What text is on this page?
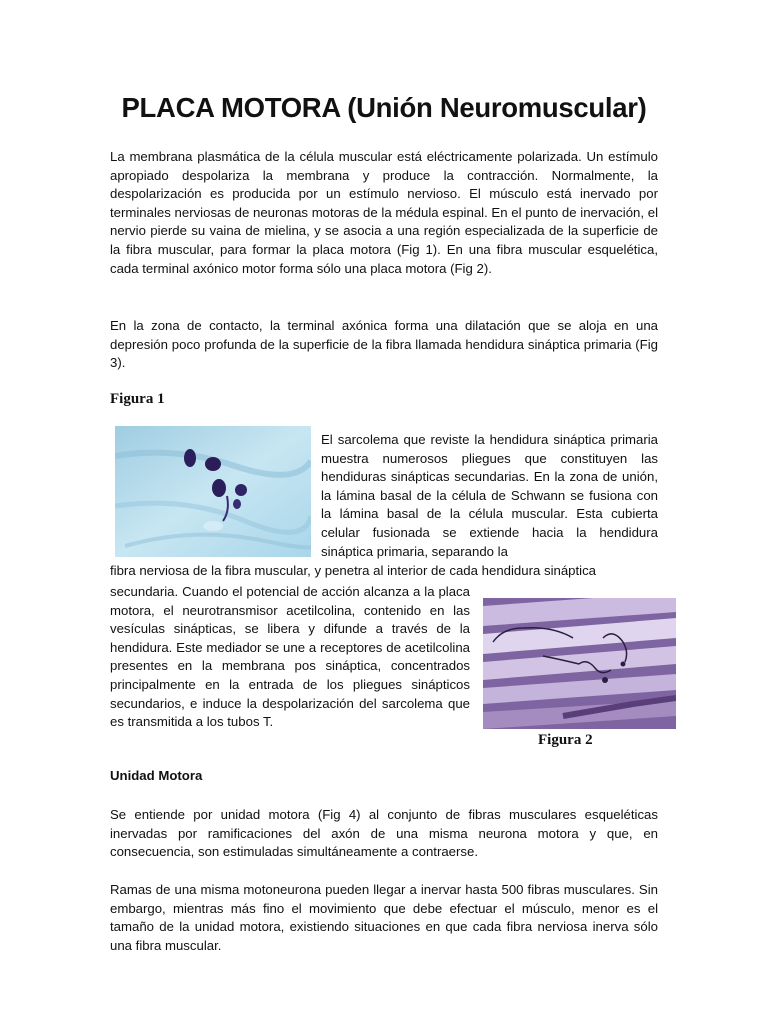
PLACA MOTORA (Unión Neuromuscular)

La membrana plasmática de la célula muscular está eléctricamente polarizada. Un estímulo apropiado despolariza la membrana y produce la contracción. Normalmente, la despolarización es producida por un estímulo nervioso. El músculo está inervado por terminales nerviosas de neuronas motoras de la médula espinal. En el punto de inervación, el nervio pierde su vaina de mielina, y se asocia a una región especializada de la superficie de la fibra muscular, para formar la placa motora (Fig 1). En una fibra muscular esquelética, cada terminal axónico motor forma sólo una placa motora (Fig 2).

En la zona de contacto, la terminal axónica forma una dilatación que se aloja en una depresión poco profunda de la superficie de la fibra llamada hendidura sináptica primaria (Fig 3).

Figura 1

El sarcolema que reviste la hendidura sináptica primaria muestra numerosos pliegues que constituyen las hendiduras sinápticas secundarias. En la zona de unión, la lámina basal de la célula de Schwann se fusiona con la lámina basal de la célula muscular. Esta cubierta celular fusionada se extiende hacia la hendidura sináptica primaria, separando la

fibra nerviosa de la fibra muscular, y penetra al interior de cada hendidura sináptica

secundaria. Cuando el potencial de acción alcanza a la placa motora, el neurotransmisor acetilcolina, contenido en las vesículas sinápticas, se libera y difunde a través de la hendidura. Este mediador se une a receptores de acetilcolina presentes en la membrana pos sináptica, concentrados principalmente en la entrada de los pliegues sinápticos secundarios, e induce la despolarización del sarcolema que es transmitida a los tubos T.

Figura 2
Unidad Motora

Se entiende por unidad motora (Fig 4) al conjunto de fibras musculares esqueléticas inervadas por ramificaciones del axón de una misma neurona motora y que, en consecuencia, son estimuladas simultáneamente a contraerse.

Ramas de una misma motoneurona pueden llegar a inervar hasta 500 fibras musculares. Sin embargo, mientras más fino el movimiento que debe efectuar el músculo, menor es el tamaño de la unidad motora, existiendo situaciones en que cada fibra nerviosa inerva sólo una fibra muscular.
